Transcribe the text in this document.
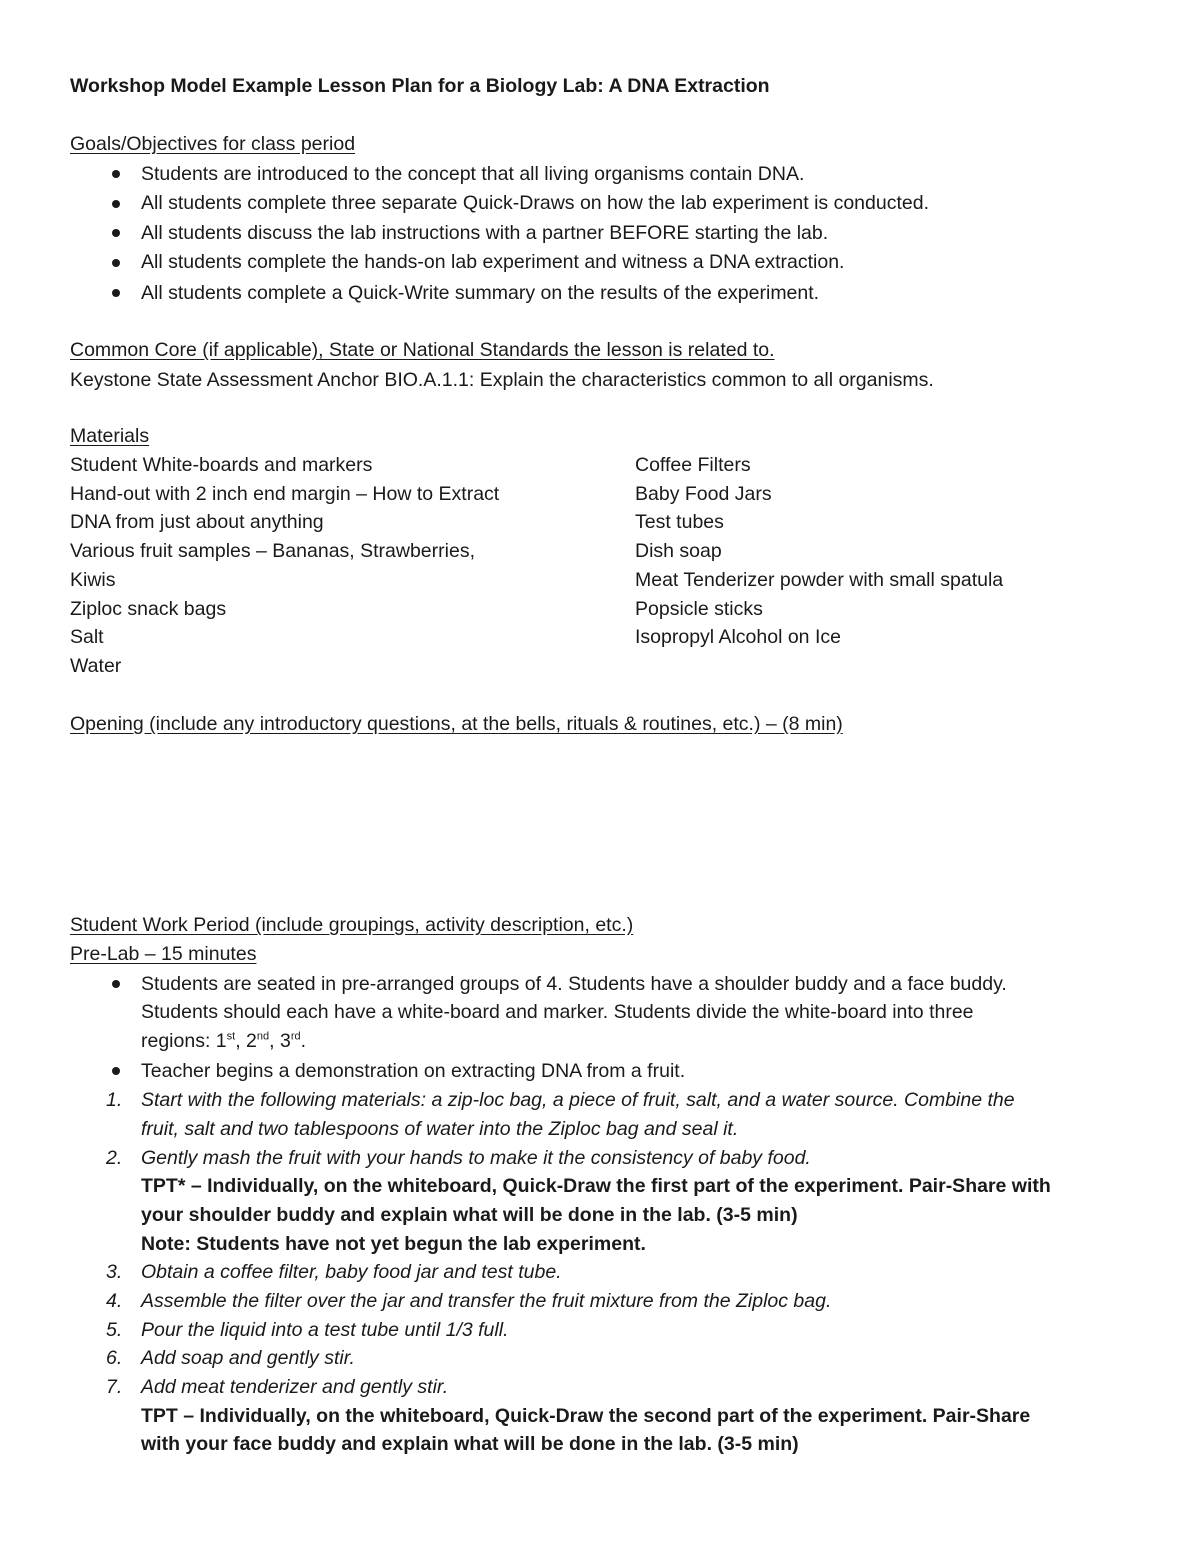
Workshop Model Example Lesson Plan for a Biology Lab: A DNA Extraction
Goals/Objectives for class period
Students are introduced to the concept that all living organisms contain DNA.
All students complete three separate Quick-Draws on how the lab experiment is conducted.
All students discuss the lab instructions with a partner BEFORE starting the lab.
All students complete the hands-on lab experiment and witness a DNA extraction.
All students complete a Quick-Write summary on the results of the experiment.
Common Core (if applicable), State or National Standards the lesson is related to.
Keystone State Assessment Anchor BIO.A.1.1: Explain the characteristics common to all organisms.
Materials
Student White-boards and markers
Hand-out with 2 inch end margin – How to Extract
DNA from just about anything
Various fruit samples – Bananas, Strawberries,
Kiwis
Ziploc snack bags
Salt
Water
Coffee Filters
Baby Food Jars
Test tubes
Dish soap
Meat Tenderizer powder with small spatula
Popsicle sticks
Isopropyl Alcohol on Ice
Opening (include any introductory questions, at the bells, rituals & routines, etc.) – (8 min)
Student Work Period (include groupings, activity description, etc.)
Pre-Lab – 15 minutes
Students are seated in pre-arranged groups of 4. Students have a shoulder buddy and a face buddy.
Students should each have a white-board and marker. Students divide the white-board into three
regions: 1st, 2nd, 3rd.
Teacher begins a demonstration on extracting DNA from a fruit.
1. Start with the following materials: a zip-loc bag, a piece of fruit, salt, and a water source. Combine the
fruit, salt and two tablespoons of water into the Ziploc bag and seal it.
2. Gently mash the fruit with your hands to make it the consistency of baby food.
TPT* – Individually, on the whiteboard, Quick-Draw the first part of the experiment. Pair-Share with
your shoulder buddy and explain what will be done in the lab. (3-5 min)
Note: Students have not yet begun the lab experiment.
3. Obtain a coffee filter, baby food jar and test tube.
4. Assemble the filter over the jar and transfer the fruit mixture from the Ziploc bag.
5. Pour the liquid into a test tube until 1/3 full.
6. Add soap and gently stir.
7. Add meat tenderizer and gently stir.
TPT – Individually, on the whiteboard, Quick-Draw the second part of the experiment. Pair-Share
with your face buddy and explain what will be done in the lab. (3-5 min)
